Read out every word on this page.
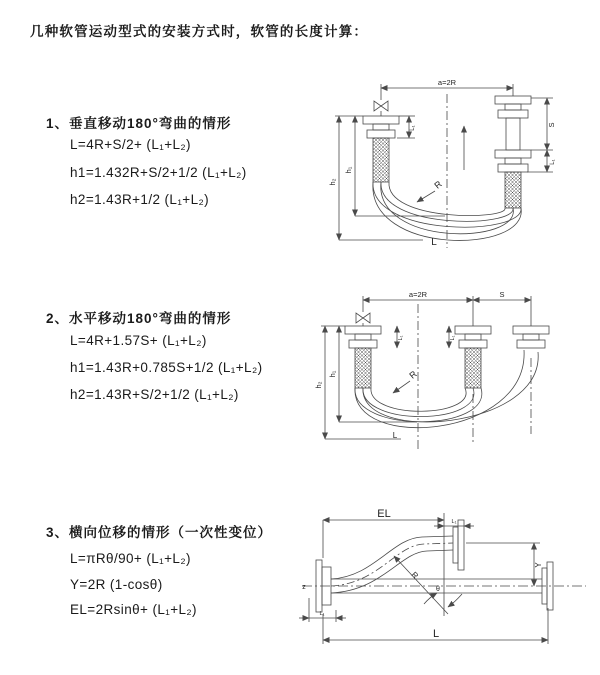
几种软管运动型式的安装方式时，软管的长度计算：
1、垂直移动180°弯曲的情形
L=4R+S/2+ (L₁+L₂)
h1=1.432R+S/2+1/2 (L₁+L₂)
h2=1.43R+1/2 (L₁+L₂)
2、水平移动180°弯曲的情形
L=4R+1.57S+ (L₁+L₂)
h1=1.43R+0.785S+1/2 (L₁+L₂)
h2=1.43R+S/2+1/2 (L₁+L₂)
3、横向位移的情形（一次性变位）
L=πRθ/90+ (L₁+L₂)
Y=2R (1-cosθ)
EL=2Rsinθ+ (L₁+L₂)
a=2R
h₁
h₂
L₁
S
L₁
R
L
a=2R	S
h₁
h₂
L₁	L₁
R
L
EL
L₁
Y
R
θ
L
L₁
z
